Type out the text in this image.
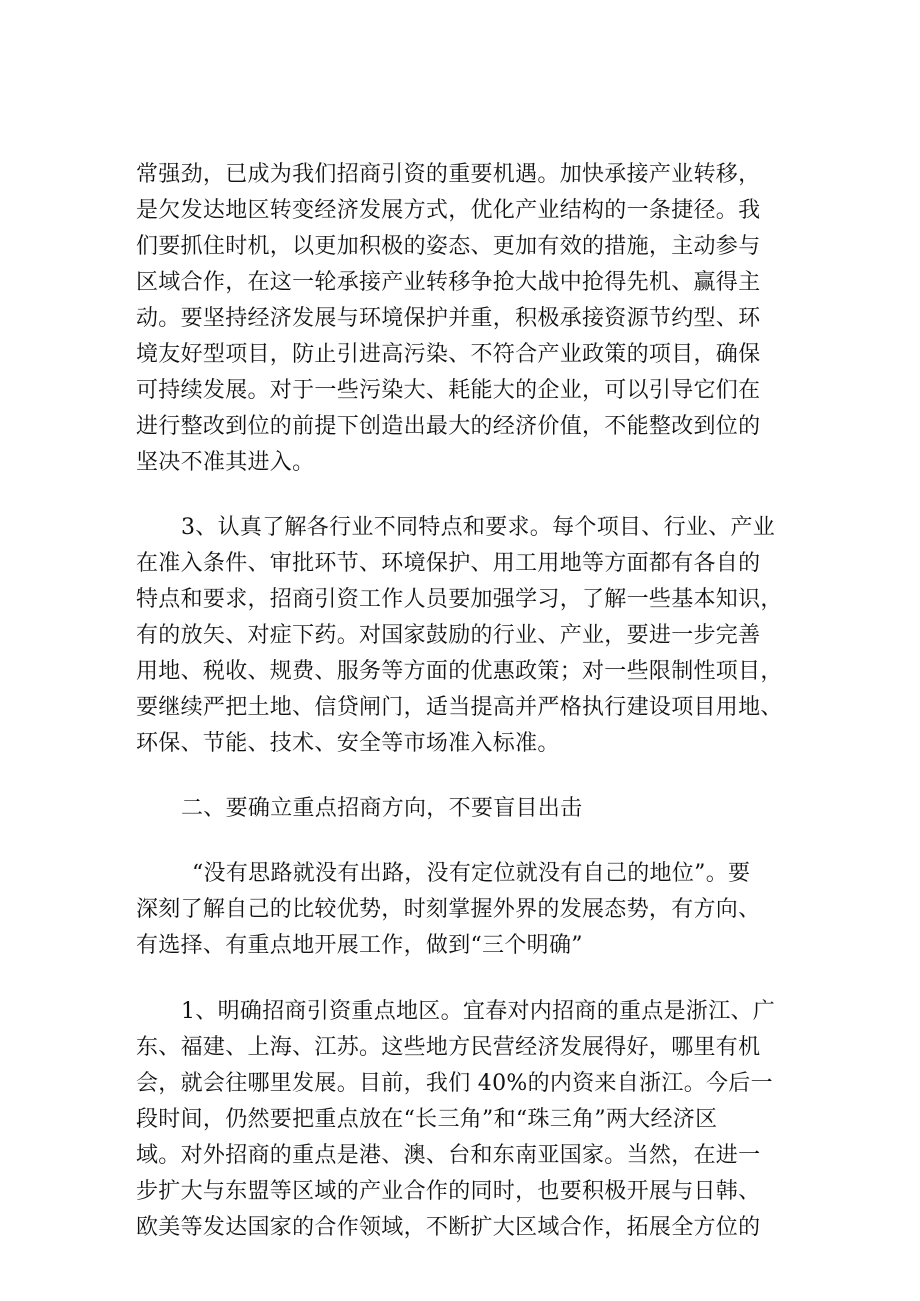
常强劲，已成为我们招商引资的重要机遇。加快承接产业转移，
是欠发达地区转变经济发展方式，优化产业结构的一条捷径。我
们要抓住时机，以更加积极的姿态、更加有效的措施，主动参与
区域合作，在这一轮承接产业转移争抢大战中抢得先机、赢得主
动。要坚持经济发展与环境保护并重，积极承接资源节约型、环
境友好型项目，防止引进高污染、不符合产业政策的项目，确保
可持续发展。对于一些污染大、耗能大的企业，可以引导它们在
进行整改到位的前提下创造出最大的经济价值，不能整改到位的
坚决不准其进入。
3、认真了解各行业不同特点和要求。每个项目、行业、产业
在准入条件、审批环节、环境保护、用工用地等方面都有各自的
特点和要求，招商引资工作人员要加强学习，了解一些基本知识，
有的放矢、对症下药。对国家鼓励的行业、产业，要进一步完善
用地、税收、规费、服务等方面的优惠政策；对一些限制性项目，
要继续严把土地、信贷闸门，适当提高并严格执行建设项目用地、
环保、节能、技术、安全等市场准入标准。
二、要确立重点招商方向，不要盲目出击
“没有思路就没有出路，没有定位就没有自己的地位”。要
深刻了解自己的比较优势，时刻掌握外界的发展态势，有方向、
有选择、有重点地开展工作，做到“三个明确”
1、明确招商引资重点地区。宜春对内招商的重点是浙江、广
东、福建、上海、江苏。这些地方民营经济发展得好，哪里有机
会，就会往哪里发展。目前，我们 40%的内资来自浙江。今后一
段时间，仍然要把重点放在“长三角”和“珠三角”两大经济区
域。对外招商的重点是港、澳、台和东南亚国家。当然，在进一
步扩大与东盟等区域的产业合作的同时，也要积极开展与日韩、
欧美等发达国家的合作领域，不断扩大区域合作，拓展全方位的
